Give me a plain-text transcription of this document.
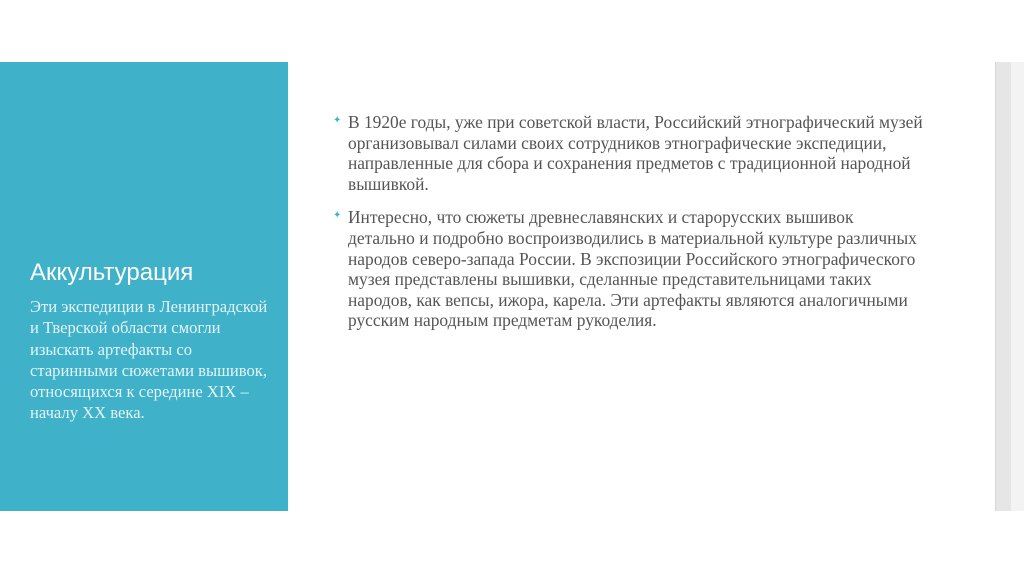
Аккультурация

Эти экспедиции в Ленинградской и Тверской области смогли изыскать артефакты со старинными сюжетами вышивок, относящихся к середине XIX – началу XX века.

✦ В 1920е годы, уже при советской власти, Российский этнографический музей организовывал силами своих сотрудников этнографические экспедиции, направленные для сбора и сохранения предметов с традиционной народной вышивкой.
✦ Интересно, что сюжеты древнеславянских и старорусских вышивок детально и подробно воспроизводились в материальной культуре различных народов северо-запада России. В экспозиции Российского этнографического музея представлены вышивки, сделанные представительницами таких народов, как вепсы, ижора, карела. Эти артефакты являются аналогичными русским народным предметам рукоделия.
